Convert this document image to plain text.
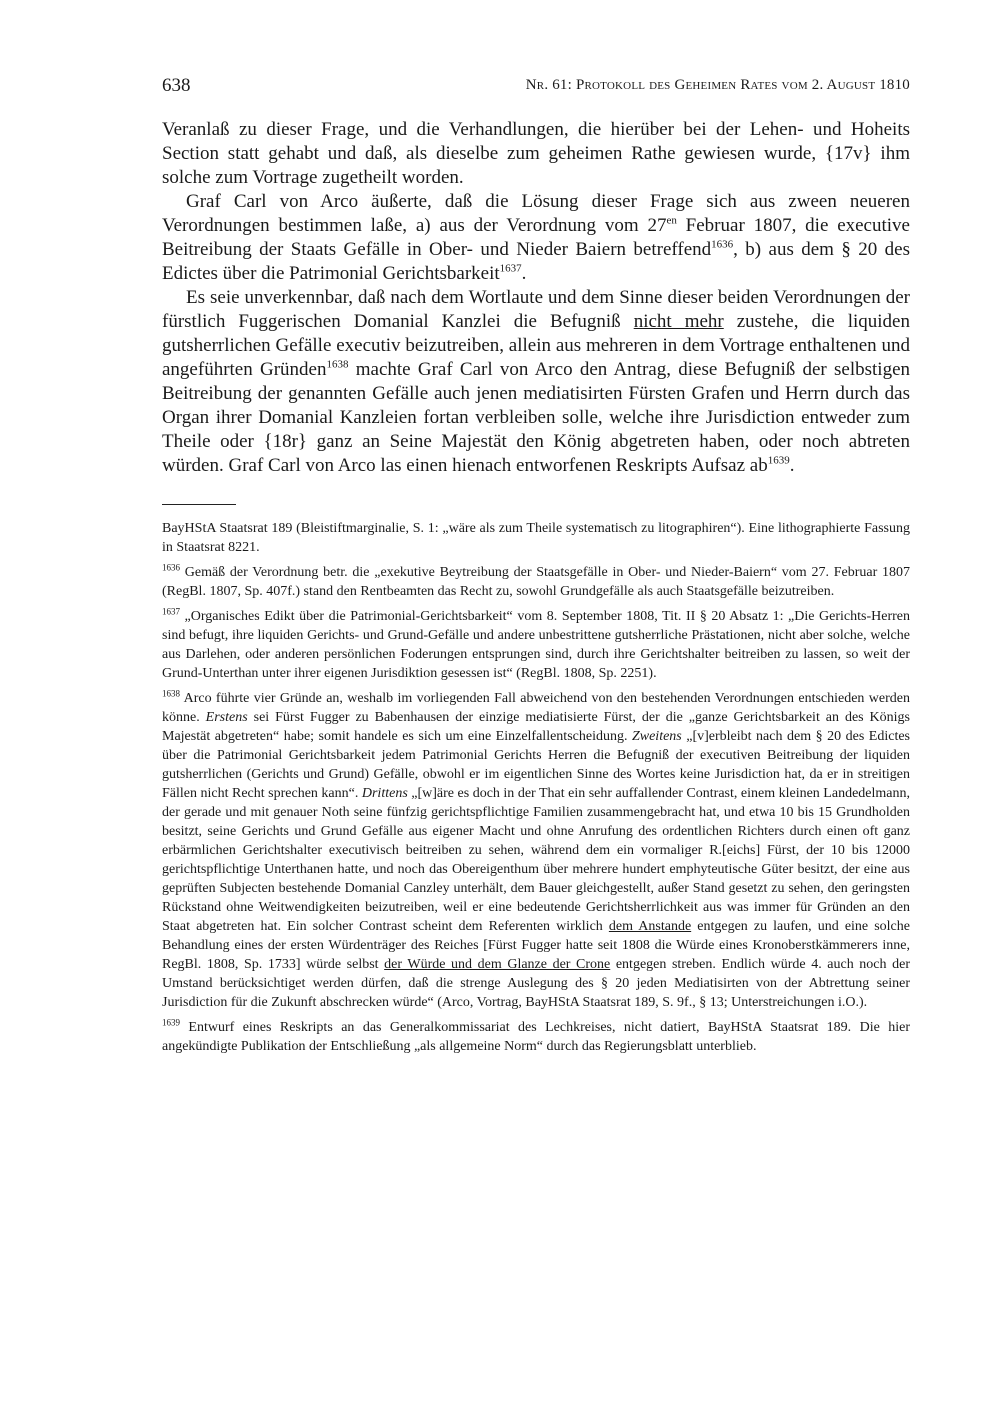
638	Nr. 61: Protokoll des Geheimen Rates vom 2. August 1810

Veranlaß zu dieser Frage, und die Verhandlungen, die hierüber bei der Lehen- und Hoheits Section statt gehabt und daß, als dieselbe zum geheimen Rathe gewiesen wurde, {17v} ihm solche zum Vortrage zugetheilt worden.

Graf Carl von Arco äußerte, daß die Lösung dieser Frage sich aus zween neueren Verordnungen bestimmen laße, a) aus der Verordnung vom $27^{en}$ Februar 1807, die executive Beitreibung der Staats Gefälle in Ober- und Nieder Baiern betreffend$^{1636}$, b) aus dem § 20 des Edictes über die Patrimonial Gerichtsbarkeit$^{1637}$.

Es seie unverkennbar, daß nach dem Wortlaute und dem Sinne dieser beiden Verordnungen der fürstlich Fuggerischen Domanial Kanzlei die Befugniß nicht mehr zustehe, die liquiden gutsherrlichen Gefälle executiv beizutreiben, allein aus mehreren in dem Vortrage enthaltenen und angeführten Gründen$^{1638}$ machte Graf Carl von Arco den Antrag, diese Befugniß der selbstigen Beitreibung der genannten Gefälle auch jenen mediatisirten Fürsten Grafen und Herrn durch das Organ ihrer Domanial Kanzleien fortan verbleiben solle, welche ihre Jurisdiction entweder zum Theile oder {18r} ganz an Seine Majestät den König abgetreten haben, oder noch abtreten würden. Graf Carl von Arco las einen hienach entworfenen Reskripts Aufsaz $ab^{1639}$.

BayHStA Staatsrat 189 (Bleistiftmarginalie, S. 1: „wäre als zum Theile systematisch zu litographiren“). Eine lithographierte Fassung in Staatsrat 8221.

$^{1636}$ Gemäß der Verordnung betr. die „exekutive Beytreibung der Staatsgefälle in Ober- und Nieder-Baiern“ vom 27. Februar 1807 (RegBl. 1807, Sp. 407f.) stand den Rentbeamten das Recht zu, sowohl Grundgefälle als auch Staatsgefälle beizutreiben.

$^{1637}$ „Organisches Edikt über die Patrimonial-Gerichtsbarkeit“ vom 8. September 1808, Tit. II § 20 Absatz 1: „Die Gerichts-Herren sind befugt, ihre liquiden Gerichts- und Grund-Gefälle und andere unbestrittene gutsherrliche Prästationen, nicht aber solche, welche aus Darlehen, oder anderen persönlichen Foderungen entsprungen sind, durch ihre Gerichtshalter beitreiben zu lassen, so weit der Grund-Unterthan unter ihrer eigenen Jurisdiktion gesessen ist“ (RegBl. 1808, Sp. 2251).

$^{1638}$ Arco führte vier Gründe an, weshalb im vorliegenden Fall abweichend von den bestehenden Verordnungen entschieden werden könne. Erstens sei Fürst Fugger zu Babenhausen der einzige mediatisierte Fürst, der die „ganze Gerichtsbarkeit an des Königs Majestät abgetreten“ habe; somit handele es sich um eine Einzelfallentscheidung. Zweitens „[v]erbleibt nach dem § 20 des Edictes über die Patrimonial Gerichtsbarkeit jedem Patrimonial Gerichts Herren die Befugniß der executiven Beitreibung der liquiden gutsherrlichen (Gerichts und Grund) Gefälle, obwohl er im eigentlichen Sinne des Wortes keine Jurisdiction hat, da er in streitigen Fällen nicht Recht sprechen kann“. Drittens „[w]äre es doch in der That ein sehr auffallender Contrast, einem kleinen Landedelmann, der gerade und mit genauer Noth seine fünfzig gerichtspflichtige Familien zusammengebracht hat, und etwa 10 bis 15 Grundholden besitzt, seine Gerichts und Grund Gefälle aus eigener Macht und ohne Anrufung des ordentlichen Richters durch einen oft ganz erbärmlichen Gerichtshalter executivisch beitreiben zu sehen, während dem ein vormaliger R.[eichs] Fürst, der 10 bis 12000 gerichtspflichtige Unterthanen hatte, und noch das Obereigenthum über mehrere hundert emphyteutische Güter besitzt, der eine aus geprüften Subjecten bestehende Domanial Canzley unterhält, dem Bauer gleichgestellt, außer Stand gesetzt zu sehen, den geringsten Rückstand ohne Weitwendigkeiten beizutreiben, weil er eine bedeutende Gerichtsherrlichkeit aus was immer für Gründen an den Staat abgetreten hat. Ein solcher Contrast scheint dem Referenten wirklich dem Anstande entgegen zu laufen, und eine solche Behandlung eines der ersten Würdenträger des Reiches [Fürst Fugger hatte seit 1808 die Würde eines Kronoberstkämmerers inne, RegBl. 1808, Sp. 1733] würde selbst der Würde und dem Glanze der Crone entgegen streben. Endlich würde 4. auch noch der Umstand berücksichtiget werden dürfen, daß die strenge Auslegung des § 20 jeden Mediatisirten von der Abtrettung seiner Jurisdiction für die Zukunft abschrecken würde“ (Arco, Vortrag, BayHStA Staatsrat 189, S. 9f., § 13; Unterstreichungen i.O.).

$^{1639}$ Entwurf eines Reskripts an das Generalkommissariat des Lechkreises, nicht datiert, BayHStA Staatsrat 189. Die hier angekündigte Publikation der Entschließung „als allgemeine Norm“ durch das Regierungsblatt unterblieb.
